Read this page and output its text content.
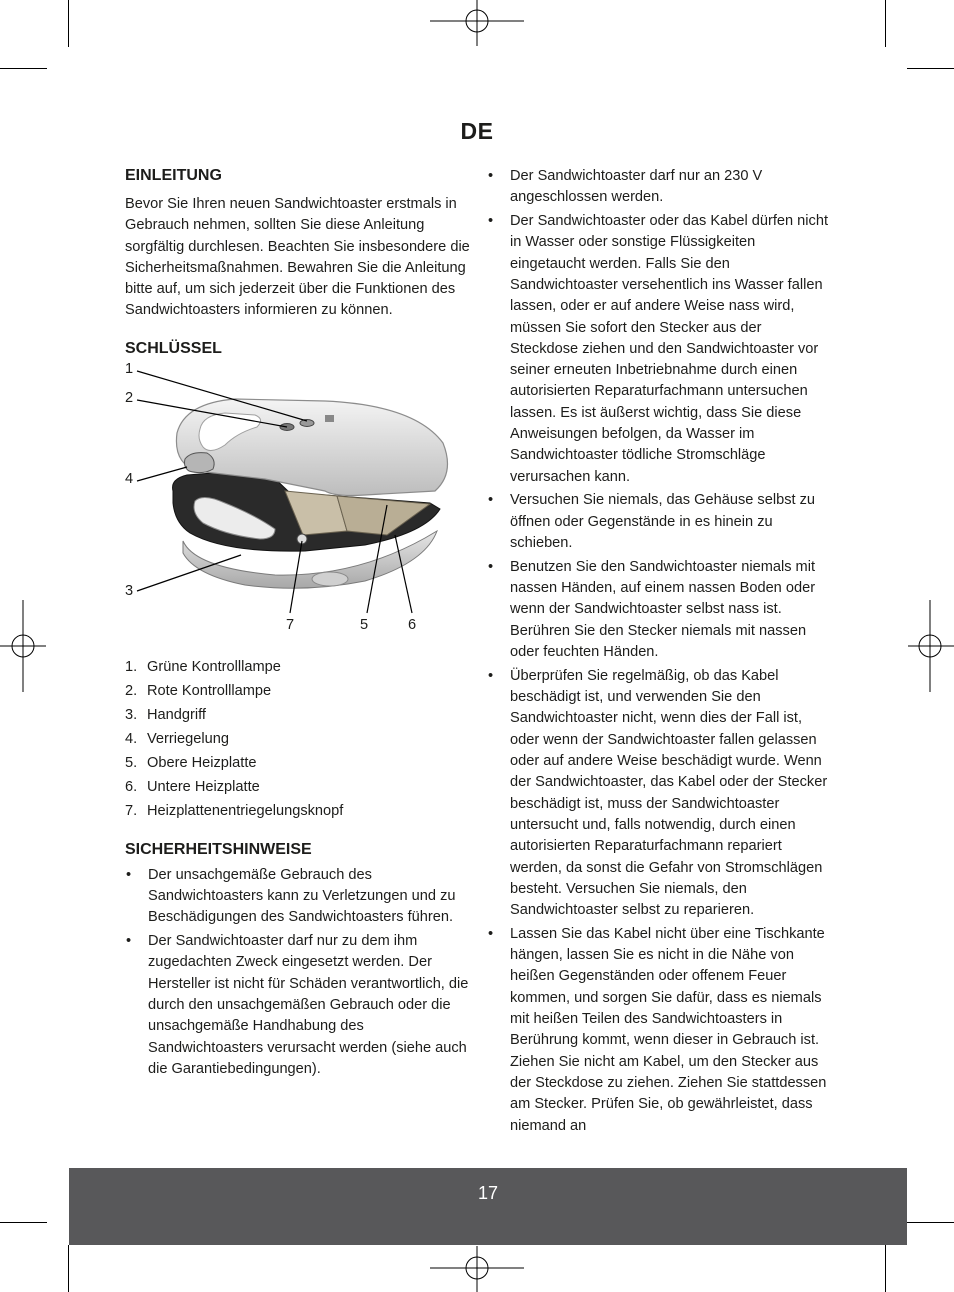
DE
EINLEITUNG

Bevor Sie Ihren neuen Sandwichtoaster erstmals in Gebrauch nehmen, sollten Sie diese Anleitung sorgfältig durchlesen. Beachten Sie insbesondere die Sicherheitsmaßnahmen. Bewahren Sie die Anleitung bitte auf, um sich jederzeit über die Funktionen des Sandwichtoasters informieren zu können.

SCHLÜSSEL
1
2
4
3
7	5	6
1. Grüne Kontrolllampe
2. Rote Kontrolllampe
3. Handgriff
4. Verriegelung
5. Obere Heizplatte
6. Untere Heizplatte
7. Heizplattenentriegelungsknopf
SICHERHEITSHINWEISE
•	Der unsachgemäße Gebrauch des Sandwichtoasters kann zu Verletzungen und zu Beschädigungen des Sandwichtoasters führen.
•	Der Sandwichtoaster darf nur zu dem ihm zugedachten Zweck eingesetzt werden. Der Hersteller ist nicht für Schäden verantwortlich, die durch den unsachgemäßen Gebrauch oder die unsachgemäße Handhabung des Sandwichtoasters verursacht werden (siehe auch die Garantiebedingungen).
•	Der Sandwichtoaster darf nur an 230 V angeschlossen werden.
•	Der Sandwichtoaster oder das Kabel dürfen nicht in Wasser oder sonstige Flüssigkeiten eingetaucht werden. Falls Sie den Sandwichtoaster versehentlich ins Wasser fallen lassen, oder er auf andere Weise nass wird, müssen Sie sofort den Stecker aus der Steckdose ziehen und den Sandwichtoaster vor seiner erneuten Inbetriebnahme durch einen autorisierten Reparaturfachmann untersuchen lassen. Es ist äußerst wichtig, dass Sie diese Anweisungen befolgen, da Wasser im Sandwichtoaster tödliche Stromschläge verursachen kann.
•	Versuchen Sie niemals, das Gehäuse selbst zu öffnen oder Gegenstände in es hinein zu schieben.
•	Benutzen Sie den Sandwichtoaster niemals mit nassen Händen, auf einem nassen Boden oder wenn der Sandwichtoaster selbst nass ist. Berühren Sie den Stecker niemals mit nassen oder feuchten Händen.
•	Überprüfen Sie regelmäßig, ob das Kabel beschädigt ist, und verwenden Sie den Sandwichtoaster nicht, wenn dies der Fall ist, oder wenn der Sandwichtoaster fallen gelassen oder auf andere Weise beschädigt wurde. Wenn der Sandwichtoaster, das Kabel oder der Stecker beschädigt ist, muss der Sandwichtoaster untersucht und, falls notwendig, durch einen autorisierten Reparaturfachmann repariert werden, da sonst die Gefahr von Stromschlägen besteht. Versuchen Sie niemals, den Sandwichtoaster selbst zu reparieren.
•	Lassen Sie das Kabel nicht über eine Tischkante hängen, lassen Sie es nicht in die Nähe von heißen Gegenständen oder offenem Feuer kommen, und sorgen Sie dafür, dass es niemals mit heißen Teilen des Sandwichtoasters in Berührung kommt, wenn dieser in Gebrauch ist. Ziehen Sie nicht am Kabel, um den Stecker aus der Steckdose zu ziehen. Ziehen Sie stattdessen am Stecker. Prüfen Sie, ob gewährleistet, dass niemand an
17
